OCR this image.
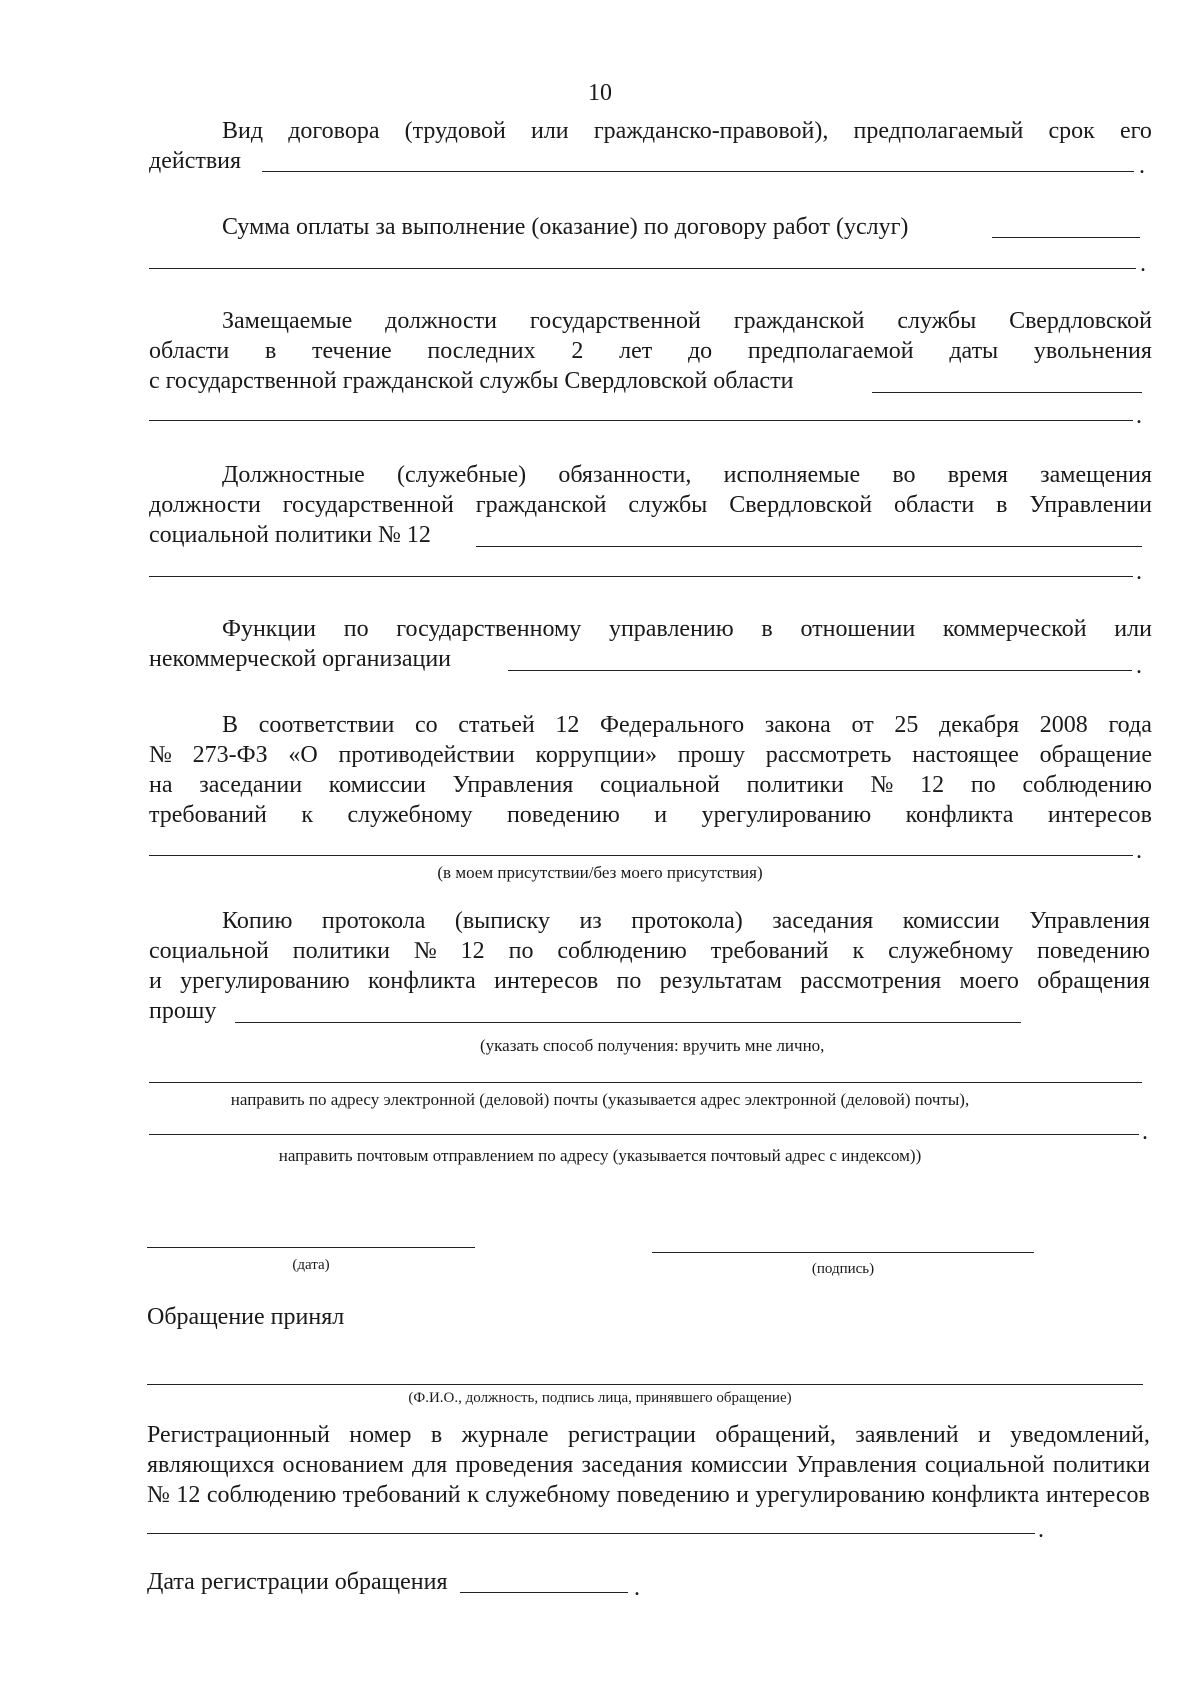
10
Вид договора (трудовой или гражданско-правовой), предполагаемый срок его
действия	.
Сумма оплаты за выполнение (оказание) по договору работ (услуг)
.
Замещаемые должности государственной гражданской службы Свердловской
области в течение последних 2 лет до предполагаемой даты увольнения
с государственной гражданской службы Свердловской области
.
Должностные (служебные) обязанности, исполняемые во время замещения
должности государственной гражданской службы Свердловской области в Управлении
социальной политики № 12
.
Функции по государственному управлению в отношении коммерческой или
некоммерческой организации	.
В соответствии со статьей 12 Федерального закона от 25 декабря 2008 года
№ 273-ФЗ «О противодействии коррупции» прошу рассмотреть настоящее обращение
на заседании комиссии Управления социальной политики № 12 по соблюдению
требований к служебному поведению и урегулированию конфликта интересов
.
(в моем присутствии/без моего присутствия)
Копию протокола (выписку из протокола) заседания комиссии Управления
социальной политики № 12 по соблюдению требований к служебному поведению
и урегулированию конфликта интересов по результатам рассмотрения моего обращения
прошу
(указать способ получения: вручить мне лично,
направить по адресу электронной (деловой) почты (указывается адрес электронной (деловой) почты),
.
направить почтовым отправлением по адресу (указывается почтовый адрес с индексом))
(дата)	(подпись)
Обращение принял
(Ф.И.О., должность, подпись лица, принявшего обращение)
Регистрационный номер в журнале регистрации обращений, заявлений и уведомлений,
являющихся основанием для проведения заседания комиссии Управления социальной политики
№ 12 соблюдению требований к служебному поведению и урегулированию конфликта интересов
.
Дата регистрации обращения	.
